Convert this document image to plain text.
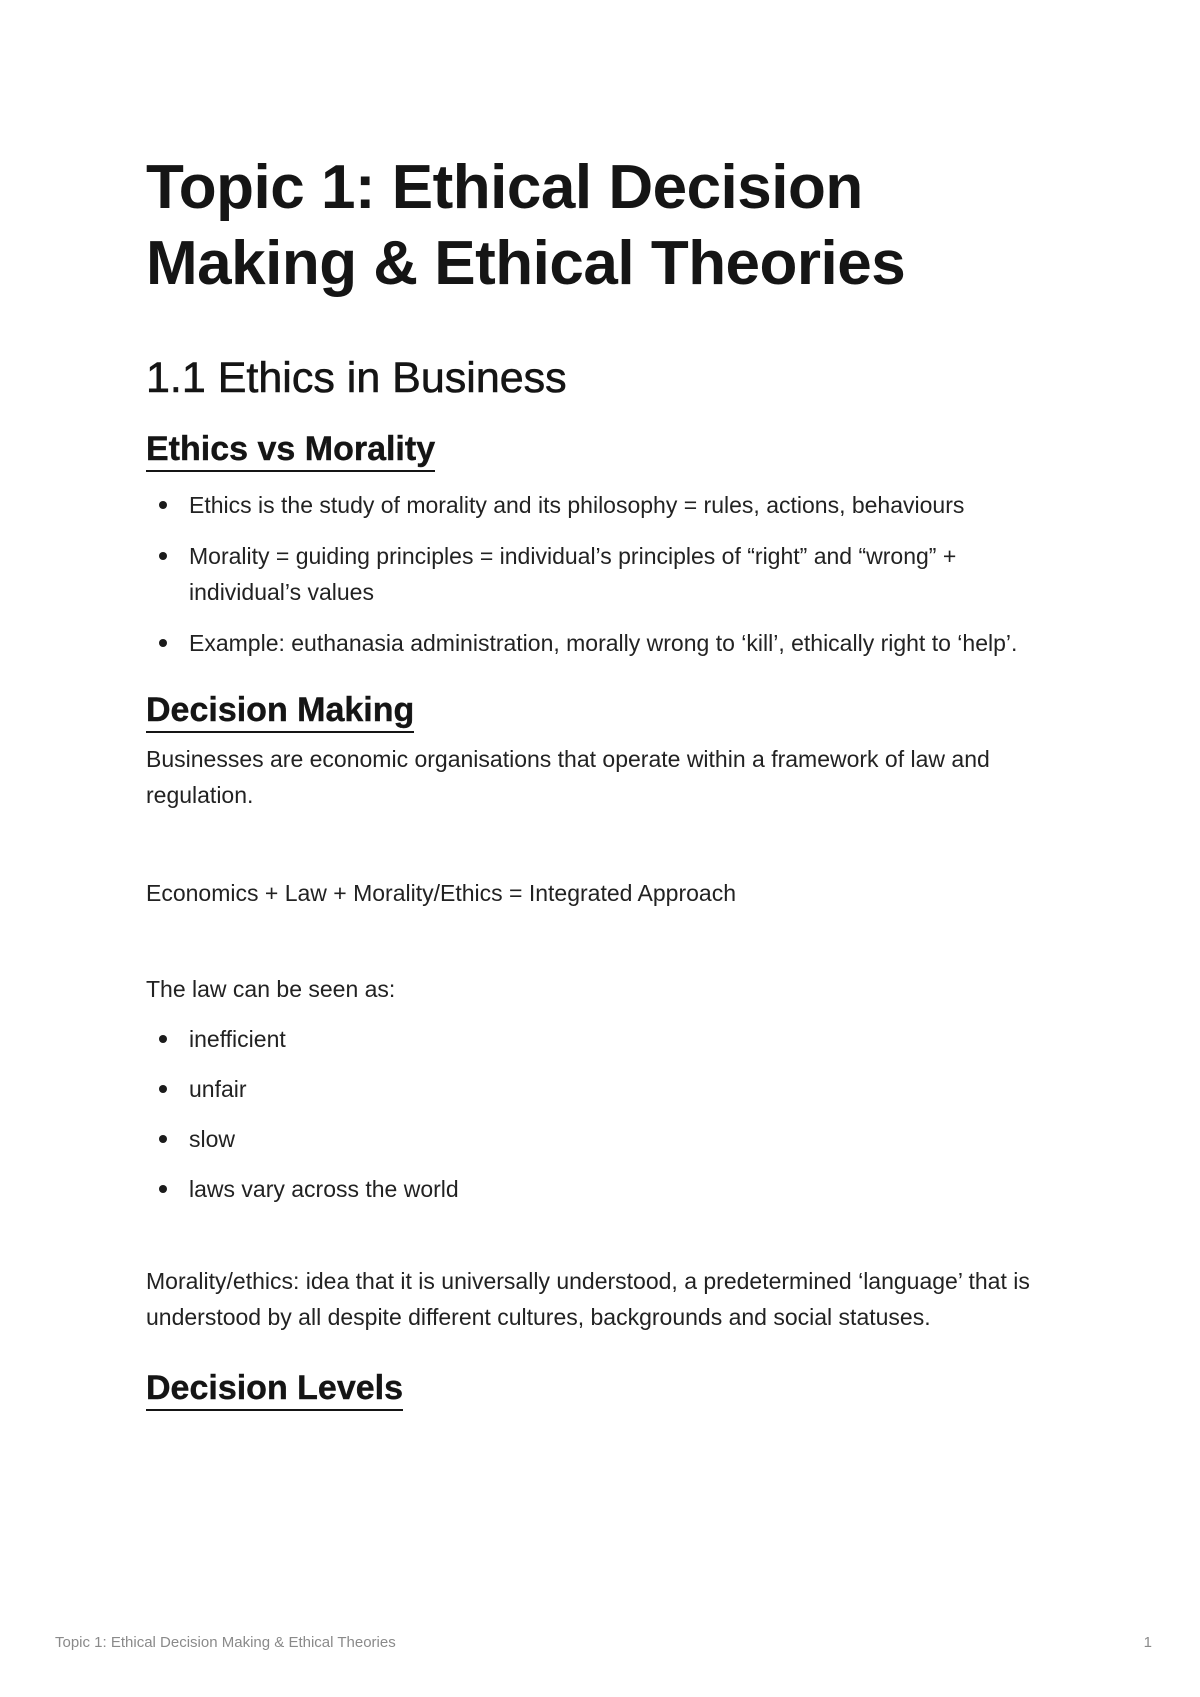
Topic 1: Ethical Decision
Making & Ethical Theories
1.1 Ethics in Business
Ethics vs Morality
Ethics is the study of morality and its philosophy = rules, actions, behaviours
Morality = guiding principles = individual’s principles of “right” and “wrong” + individual’s values
Example: euthanasia administration, morally wrong to ‘kill’, ethically right to ‘help’.
Decision Making

Businesses are economic organisations that operate within a framework of law and regulation.

Economics + Law + Morality/Ethics = Integrated Approach

The law can be seen as:

inefficient
unfair
slow
laws vary across the world

Morality/ethics: idea that it is universally understood, a predetermined ‘language’ that is understood by all despite different cultures, backgrounds and social statuses.

Decision Levels
Topic 1: Ethical Decision Making & Ethical Theories	1
